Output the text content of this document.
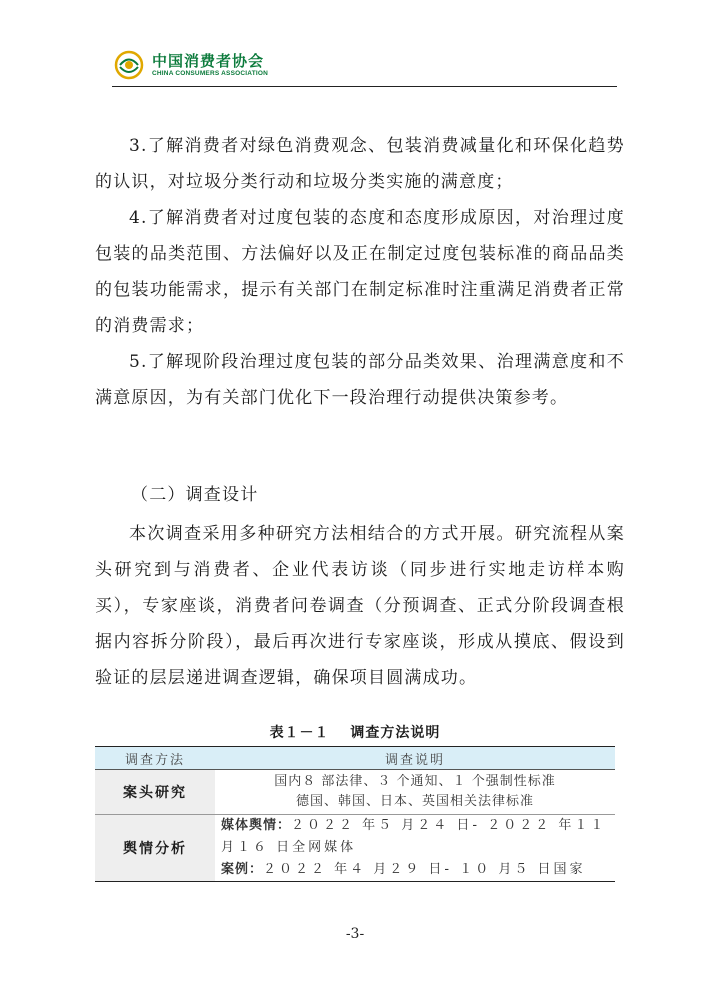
中国消费者协会
CHINA CONSUMERS ASSOCIATION

3.了解消费者对绿色消费观念、包装消费减量化和环保化趋势的认识，对垃圾分类行动和垃圾分类实施的满意度；

4.了解消费者对过度包装的态度和态度形成原因，对治理过度包装的品类范围、方法偏好以及正在制定过度包装标准的商品品类的包装功能需求，提示有关部门在制定标准时注重满足消费者正常的消费需求；

5.了解现阶段治理过度包装的部分品类效果、治理满意度和不满意原因，为有关部门优化下一段治理行动提供决策参考。

（二）调查设计

本次调查采用多种研究方法相结合的方式开展。研究流程从案头研究到与消费者、企业代表访谈（同步进行实地走访样本购买），专家座谈，消费者问卷调查（分预调查、正式分阶段调查根据内容拆分阶段），最后再次进行专家座谈，形成从摸底、假设到验证的层层递进调查逻辑，确保项目圆满成功。

表１－１　 调查方法说明
调查方法	调查说明
案头研究	国内８ 部法律、３ 个通知、１ 个强制性标准
德国、韩国、日本、英国相关法律标准

舆情分析	媒体舆情：２０２２ 年５ 月２４ 日- ２０２２ 年１１ 月１６ 日全网媒体
案例：２０２２ 年４ 月２９ 日- １０ 月５ 日国家
-3-
